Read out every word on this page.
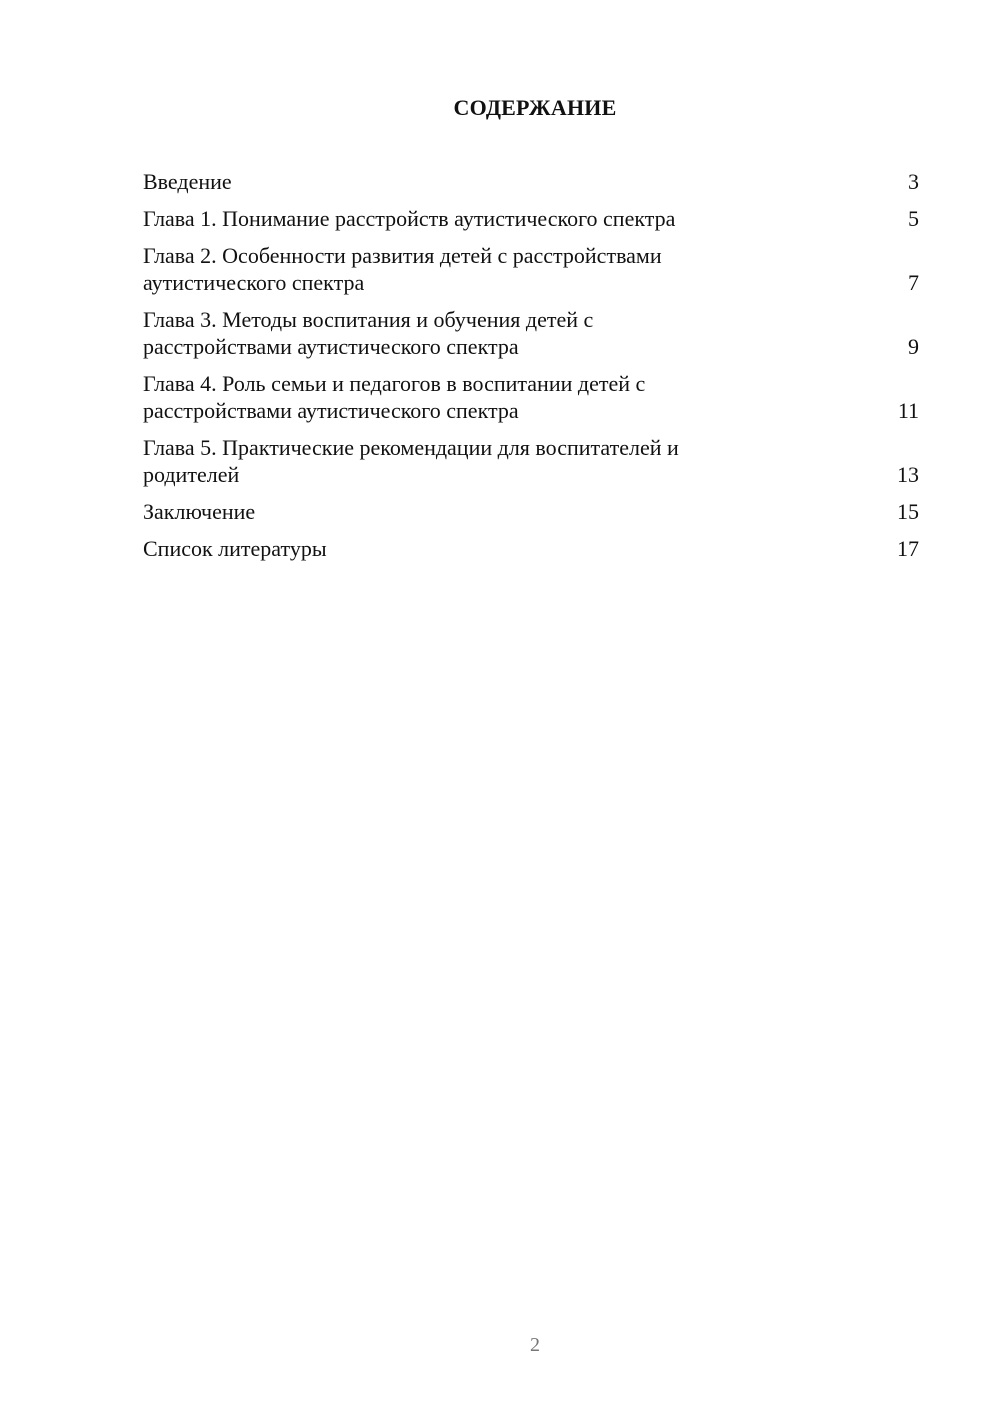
СОДЕРЖАНИЕ
Введение	3
Глава 1. Понимание расстройств аутистического спектра	5
Глава 2. Особенности развития детей с расстройствами
аутистического спектра	7
Глава 3. Методы воспитания и обучения детей с
расстройствами аутистического спектра	9
Глава 4. Роль семьи и педагогов в воспитании детей с
расстройствами аутистического спектра	11
Глава 5. Практические рекомендации для воспитателей и
родителей	13
Заключение	15
Список литературы	17
2
